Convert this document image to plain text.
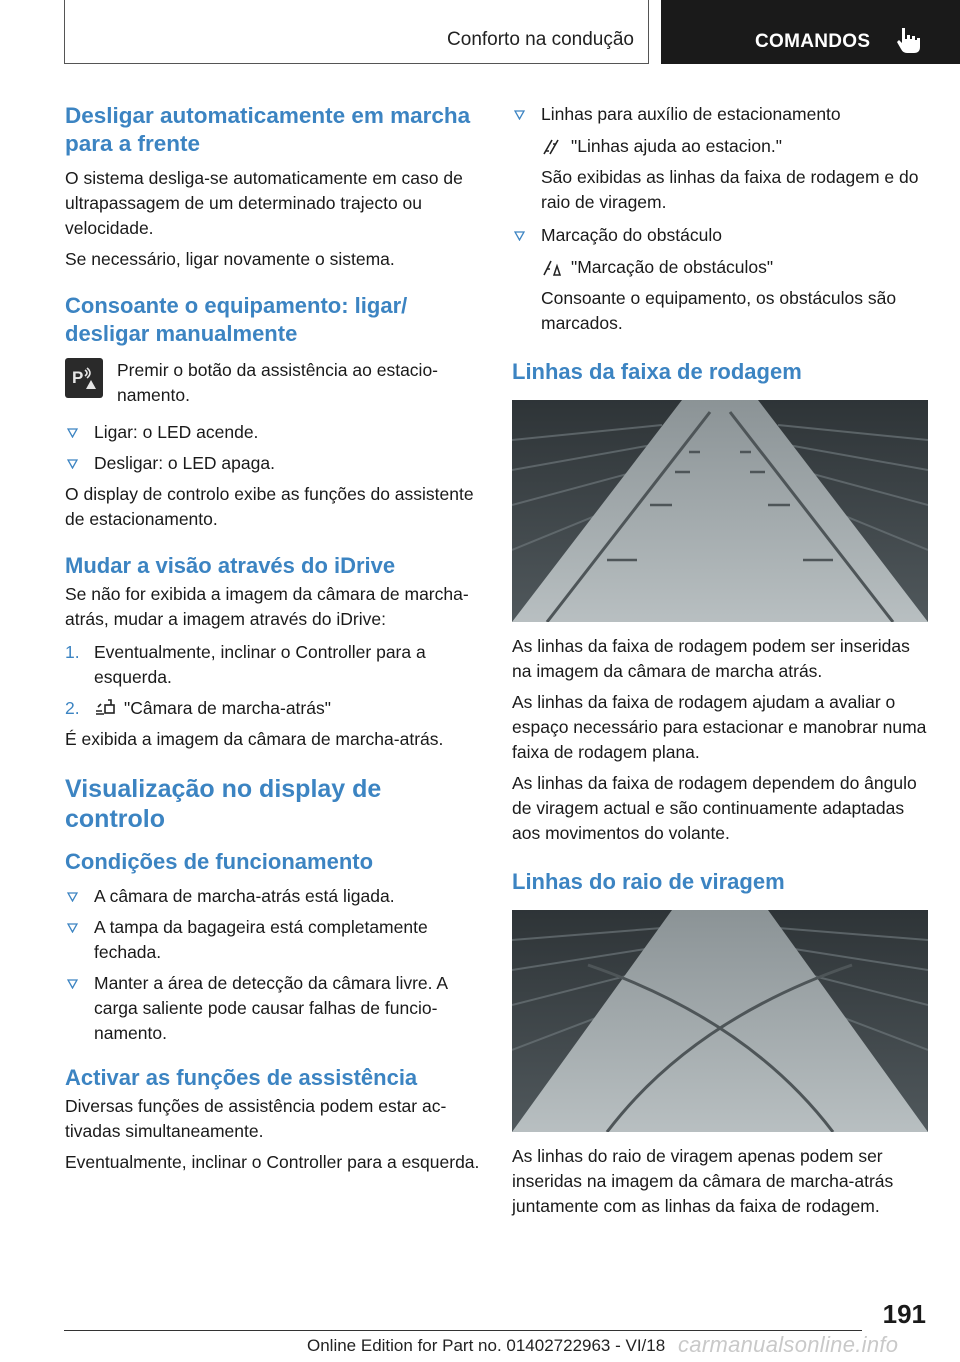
Conforto na condução	COMANDOS
Desligar automaticamente em marcha para a frente

O sistema desliga-se automaticamente em caso de ultrapassagem de um determinado trajecto ou velocidade.

Se necessário, ligar novamente o sistema.

Consoante o equipamento: ligar/ desligar manualmente
P Premir o botão da assistência ao estacionamento.

Ligar: o LED acende.
Desligar: o LED apaga.

O display de controlo exibe as funções do assistente de estacionamento.

Mudar a visão através do iDrive

Se não for exibida a imagem da câmara de marcha-atrás, mudar a imagem através do iDrive:

1. Eventualmente, inclinar o Controller para a esquerda.
2.	"Câmara de marcha-atrás"

É exibida a imagem da câmara de marcha-atrás.

Visualização no display de controlo
Condições de funcionamento
A câmara de marcha-atrás está ligada.
A tampa da bagageira está completamente fechada.
Manter a área de detecção da câmara livre. A carga saliente pode causar falhas de funcionamento.
Activar as funções de assistência

Diversas funções de assistência podem estar activadas simultaneamente.

Eventualmente, inclinar o Controller para a esquerda.

Linhas para auxílio de estacionamento

"Linhas ajuda ao estacion."

São exibidas as linhas da faixa de rodagem e do raio de viragem.

Marcação do obstáculo

"Marcação de obstáculos"

Consoante o equipamento, os obstáculos são marcados.

Linhas da faixa de rodagem

As linhas da faixa de rodagem podem ser inseridas na imagem da câmara de marcha atrás.

As linhas da faixa de rodagem ajudam a avaliar o espaço necessário para estacionar e manobrar numa faixa de rodagem plana.

As linhas da faixa de rodagem dependem do ângulo de viragem actual e são continuamente adaptadas aos movimentos do volante.

Linhas do raio de viragem

As linhas do raio de viragem apenas podem ser inseridas na imagem da câmara de marcha-atrás juntamente com as linhas da faixa de rodagem.

191
Online Edition for Part no. 01402722963 - VI/18 carmanualsonline.info
